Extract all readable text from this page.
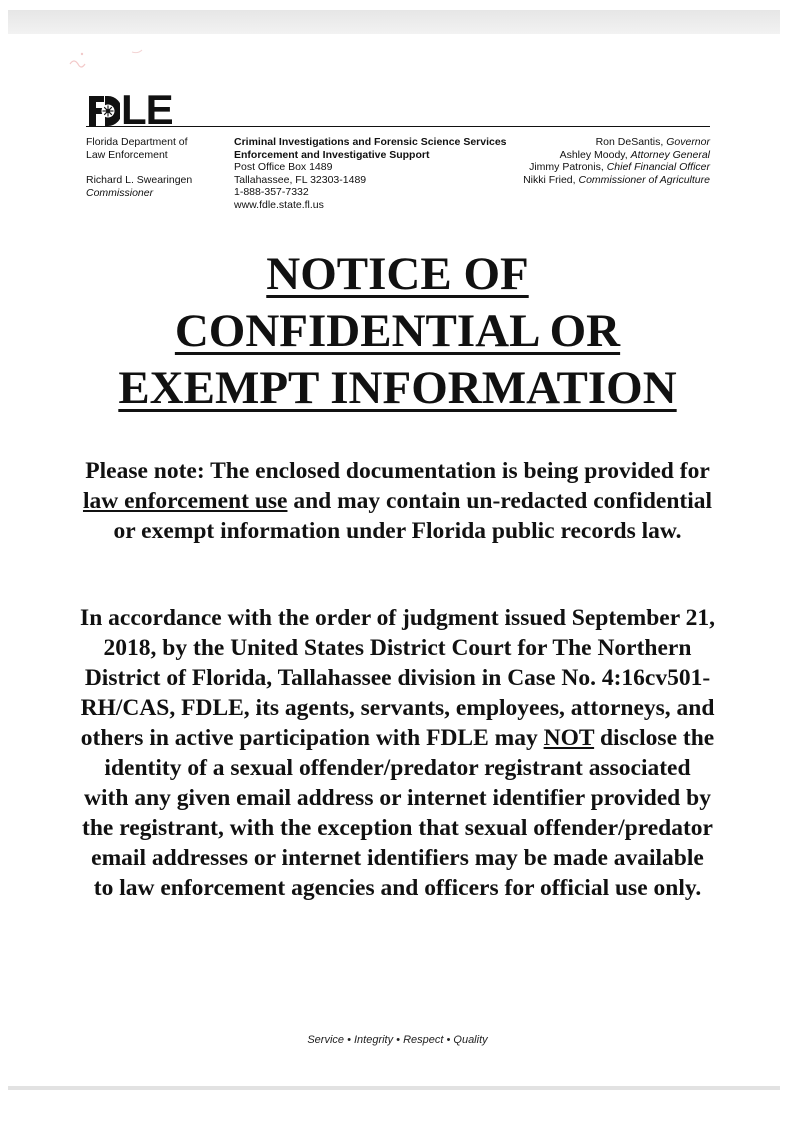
LE
Florida Department of
Law Enforcement
Richard L. Swearingen
Commissioner
Criminal Investigations and Forensic Science Services
Enforcement and Investigative Support
Post Office Box 1489
Tallahassee, FL 32303-1489
1-888-357-7332
www.fdle.state.fl.us
Ron DeSantis, Governor
Ashley Moody, Attorney General
Jimmy Patronis, Chief Financial Officer
Nikki Fried, Commissioner of Agriculture
NOTICE OF
CONFIDENTIAL OR
EXEMPT INFORMATION
Please note: The enclosed documentation is being provided for law enforcement use and may contain un-redacted confidential or exempt information under Florida public records law.
In accordance with the order of judgment issued September 21, 2018, by the United States District Court for The Northern District of Florida, Tallahassee division in Case No. 4:16cv501-RH/CAS, FDLE, its agents, servants, employees, attorneys, and others in active participation with FDLE may NOT disclose the identity of a sexual offender/predator registrant associated with any given email address or internet identifier provided by the registrant, with the exception that sexual offender/predator email addresses or internet identifiers may be made available to law enforcement agencies and officers for official use only.
Service • Integrity • Respect • Quality
